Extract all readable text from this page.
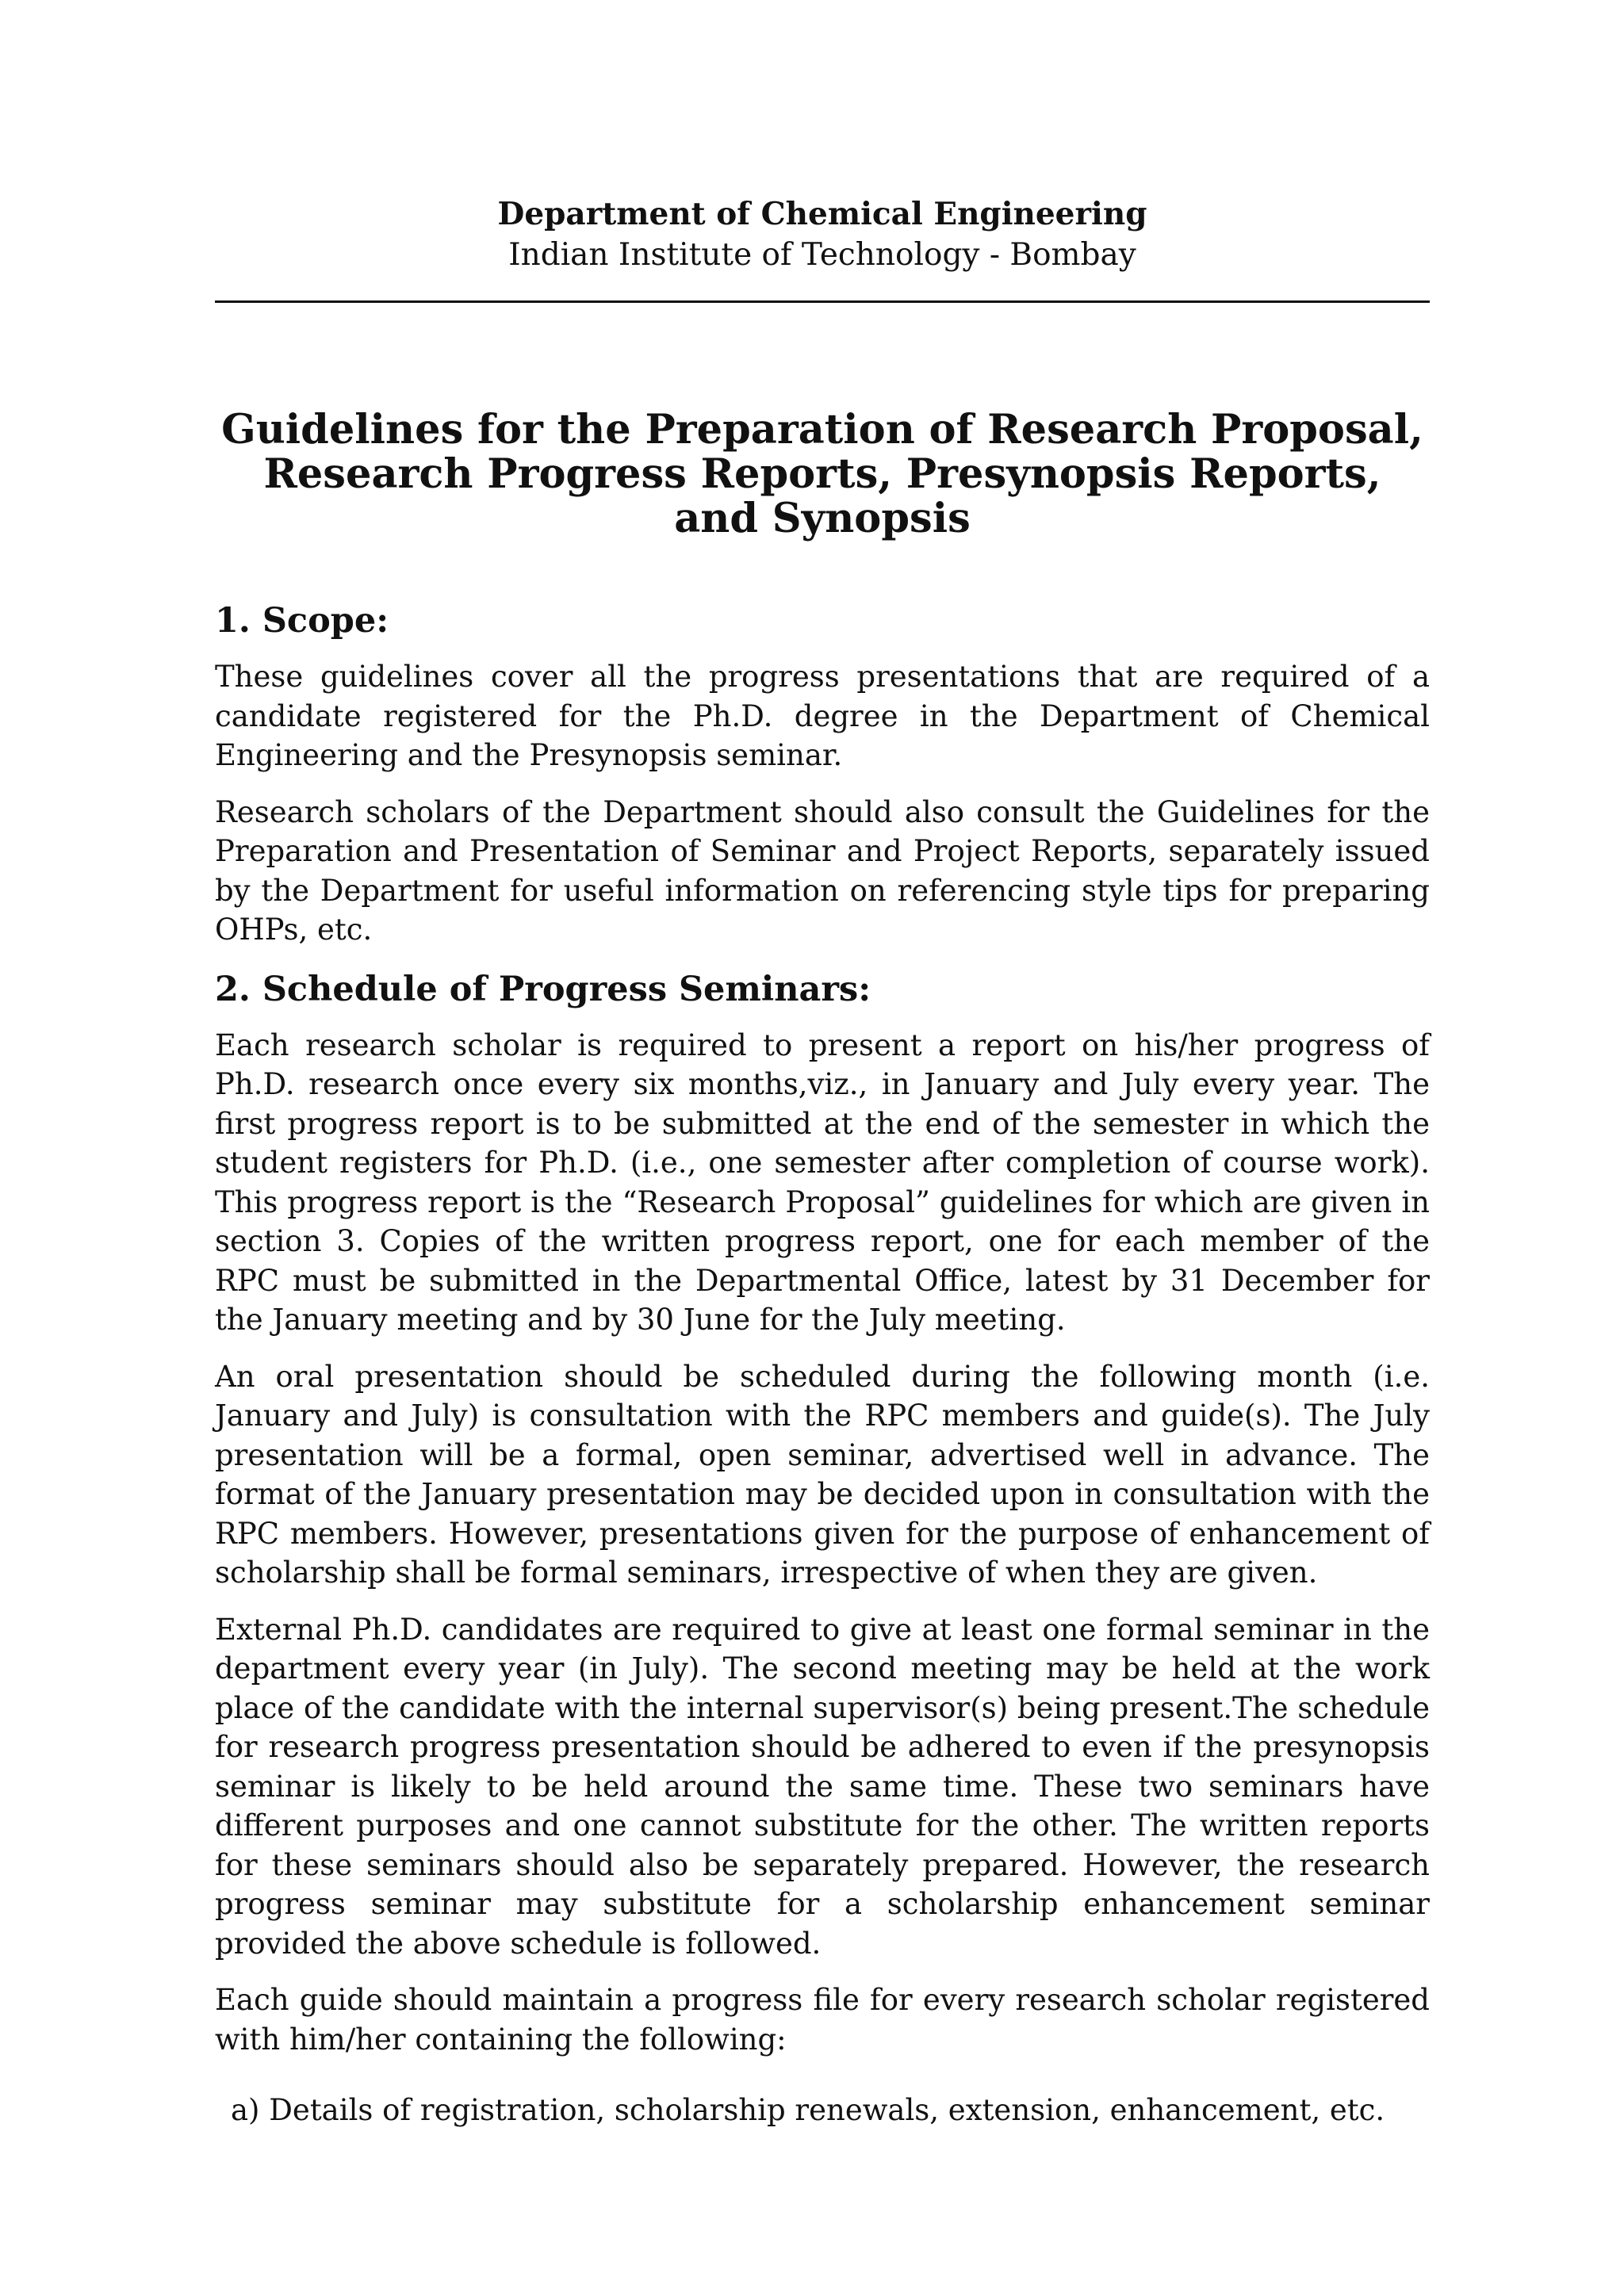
Department of Chemical Engineering
Indian Institute of Technology - Bombay
Guidelines for the Preparation of Research Proposal,
Research Progress Reports, Presynopsis Reports,
and Synopsis
1. Scope:

These guidelines cover all the progress presentations that are required of a candidate registered for the Ph.D. degree in the Department of Chemical Engineering and the Presynopsis seminar.

Research scholars of the Department should also consult the Guidelines for the Preparation and Presentation of Seminar and Project Reports, separately issued by the Department for useful information on referencing style tips for preparing OHPs, etc.

2. Schedule of Progress Seminars:

Each research scholar is required to present a report on his/her progress of Ph.D. research once every six months,viz., in January and July every year. The first progress report is to be submitted at the end of the semester in which the student registers for Ph.D. (i.e., one semester after completion of course work). This progress report is the “Research Proposal” guidelines for which are given in section 3. Copies of the written progress report, one for each member of the RPC must be submitted in the Departmental Office, latest by 31 December for the January meeting and by 30 June for the July meeting.

An oral presentation should be scheduled during the following month (i.e. January and July) is consultation with the RPC members and guide(s). The July presentation will be a formal, open seminar, advertised well in advance. The format of the January presentation may be decided upon in consultation with the RPC members. However, presentations given for the purpose of enhancement of scholarship shall be formal seminars, irrespective of when they are given.

External Ph.D. candidates are required to give at least one formal seminar in the department every year (in July). The second meeting may be held at the work place of the candidate with the internal supervisor(s) being present.The schedule for research progress presentation should be adhered to even if the presynopsis seminar is likely to be held around the same time. These two seminars have different purposes and one cannot substitute for the other. The written reports for these seminars should also be separately prepared. However, the research progress seminar may substitute for a scholarship enhancement seminar provided the above schedule is followed.

Each guide should maintain a progress file for every research scholar registered with him/her containing the following:

a) Details of registration, scholarship renewals, extension, enhancement, etc.
